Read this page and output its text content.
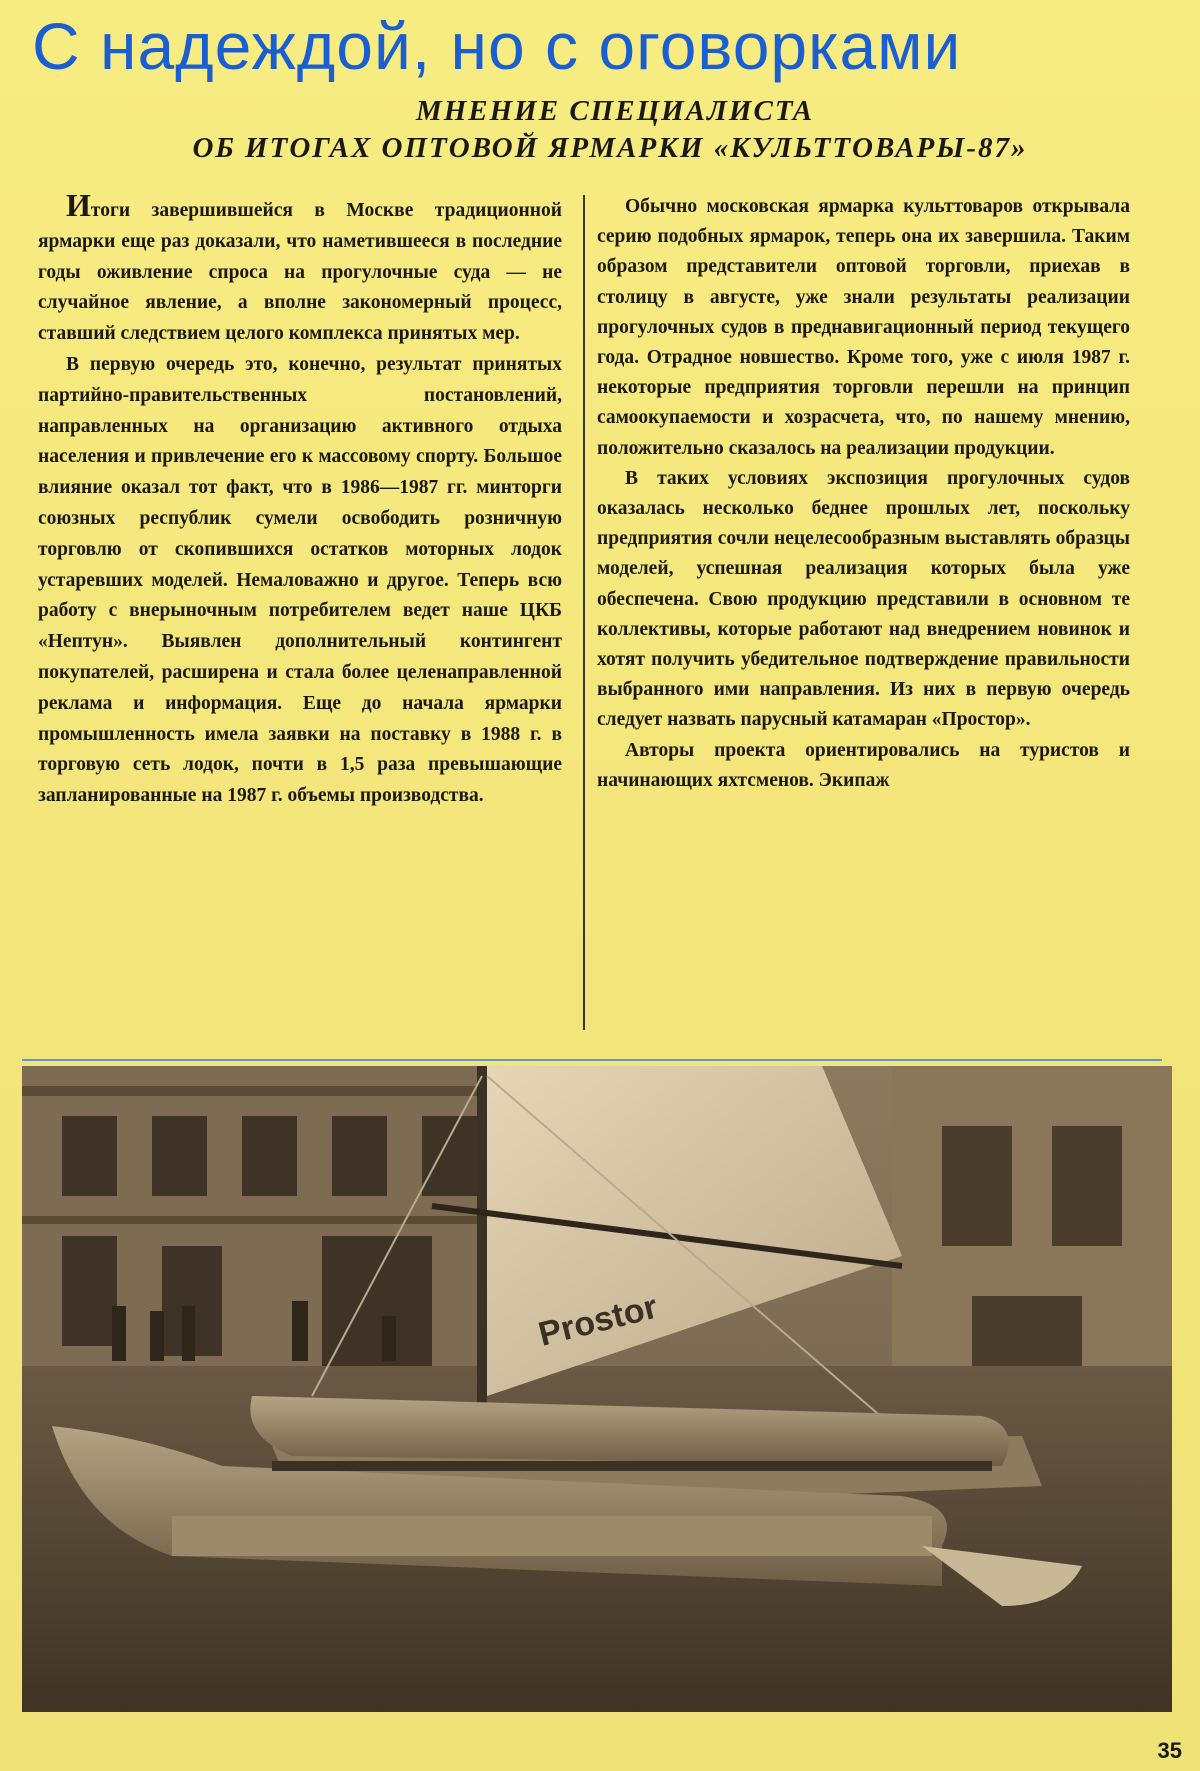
С надеждой, но с оговорками
МНЕНИЕ СПЕЦИАЛИСТА
ОБ ИТОГАХ ОПТОВОЙ ЯРМАРКИ «КУЛЬТТОВАРЫ-87»

Итоги завершившейся в Москве традиционной ярмарки еще раз доказали, что наметившееся в последние годы оживление спроса на прогулочные суда — не случайное явление, а вполне закономерный процесс, ставший следствием целого комплекса принятых мер.

В первую очередь это, конечно, результат принятых партийно-правительственных постановлений, направленных на организацию активного отдыха населения и привлечение его к массовому спорту. Большое влияние оказал тот факт, что в 1986—1987 гг. минторги союзных республик сумели освободить розничную торговлю от скопившихся остатков моторных лодок устаревших моделей. Немаловажно и другое. Теперь всю работу с внерыночным потребителем ведет наше ЦКБ «Нептун». Выявлен дополнительный контингент покупателей, расширена и стала более целенаправленной реклама и информация. Еще до начала ярмарки промышленность имела заявки на поставку в 1988 г. в торговую сеть лодок, почти в 1,5 раза превышающие запланированные на 1987 г. объемы производства.

Обычно московская ярмарка культтоваров открывала серию подобных ярмарок, теперь она их завершила. Таким образом представители оптовой торговли, приехав в столицу в августе, уже знали результаты реализации прогулочных судов в преднавигационный период текущего года. Отрадное новшество. Кроме того, уже с июля 1987 г. некоторые предприятия торговли перешли на принцип самоокупаемости и хозрасчета, что, по нашему мнению, положительно сказалось на реализации продукции.

В таких условиях экспозиция прогулочных судов оказалась несколько беднее прошлых лет, поскольку предприятия сочли нецелесообразным выставлять образцы моделей, успешная реализация которых была уже обеспечена. Свою продукцию представили в основном те коллективы, которые работают над внедрением новинок и хотят получить убедительное подтверждение правильности выбранного ими направления. Из них в первую очередь следует назвать парусный катамаран «Простор».

Авторы проекта ориентировались на туристов и начинающих яхтсменов. Экипаж

Prostor
35
